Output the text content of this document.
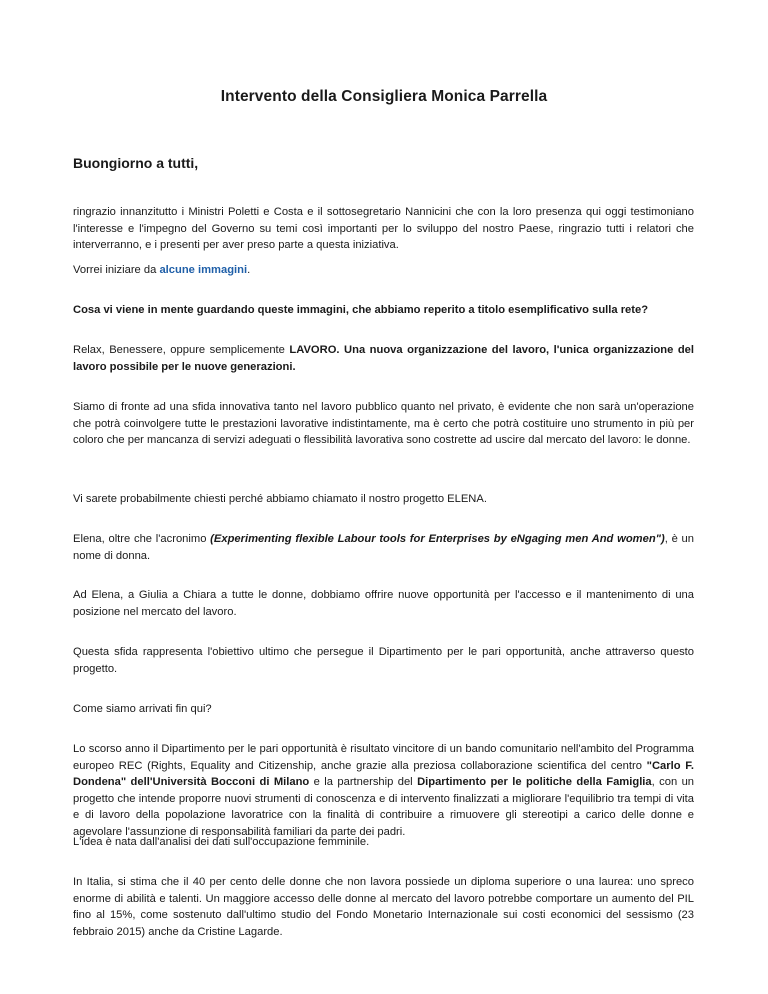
Intervento della Consigliera Monica Parrella
Buongiorno a tutti,

ringrazio innanzitutto i Ministri Poletti e Costa e il sottosegretario Nannicini che con la loro presenza qui oggi testimoniano l'interesse e l'impegno del Governo su temi così importanti per lo sviluppo del nostro Paese, ringrazio tutti i relatori che interverranno, e i presenti per aver preso parte a questa iniziativa.

Vorrei iniziare da alcune immagini.

Cosa vi viene in mente guardando queste immagini, che abbiamo reperito a titolo esemplificativo sulla rete?

Relax, Benessere, oppure semplicemente LAVORO. Una nuova organizzazione del lavoro, l'unica organizzazione del lavoro possibile per le nuove generazioni.

Siamo di fronte ad una sfida innovativa tanto nel lavoro pubblico quanto nel privato, è evidente che non sarà un'operazione che potrà coinvolgere tutte le prestazioni lavorative indistintamente, ma è certo che potrà costituire uno strumento in più per coloro che per mancanza di servizi adeguati o flessibilità lavorativa sono costrette ad uscire dal mercato del lavoro: le donne.

Vi sarete probabilmente chiesti perché abbiamo chiamato il nostro progetto ELENA.

Elena, oltre che l'acronimo (Experimenting flexible Labour tools for Enterprises by eNgaging men And women"), è un nome di donna.

Ad Elena, a Giulia a Chiara a tutte le donne, dobbiamo offrire nuove opportunità per l'accesso e il mantenimento di una posizione nel mercato del lavoro.

Questa sfida rappresenta l'obiettivo ultimo che persegue il Dipartimento per le pari opportunità, anche attraverso questo progetto.

Come siamo arrivati fin qui?

Lo scorso anno il Dipartimento per le pari opportunità è risultato vincitore di un bando comunitario nell'ambito del Programma europeo REC (Rights, Equality and Citizenship, anche grazie alla preziosa collaborazione scientifica del centro "Carlo F. Dondena" dell'Università Bocconi di Milano e la partnership del Dipartimento per le politiche della Famiglia, con un progetto che intende proporre nuovi strumenti di conoscenza e di intervento finalizzati a migliorare l'equilibrio tra tempi di vita e di lavoro della popolazione lavoratrice con la finalità di contribuire a rimuovere gli stereotipi a carico delle donne e agevolare l'assunzione di responsabilità familiari da parte dei padri.

L'idea è nata dall'analisi dei dati sull'occupazione femminile.

In Italia, si stima che il 40 per cento delle donne che non lavora possiede un diploma superiore o una laurea: uno spreco enorme di abilità e talenti. Un maggiore accesso delle donne al mercato del lavoro potrebbe comportare un aumento del PIL fino al 15%, come sostenuto dall'ultimo studio del Fondo Monetario Internazionale sui costi economici del sessismo (23 febbraio 2015) anche da Cristine Lagarde.
